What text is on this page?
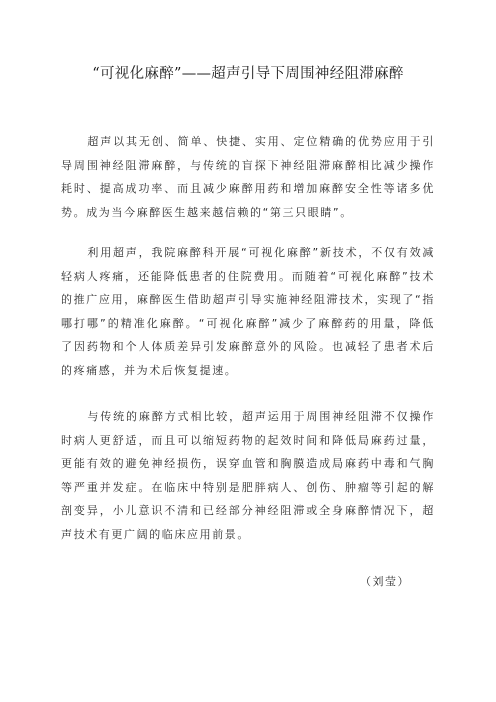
“可视化麻醉”——超声引导下周围神经阻滞麻醉

超声以其无创、简单、快捷、实用、定位精确的优势应用于引导周围神经阻滞麻醉，与传统的盲探下神经阻滞麻醉相比减少操作耗时、提高成功率、而且减少麻醉用药和增加麻醉安全性等诸多优势。成为当今麻醉医生越来越信赖的“第三只眼睛”。

利用超声，我院麻醉科开展“可视化麻醉”新技术，不仅有效减轻病人疼痛，还能降低患者的住院费用。而随着“可视化麻醉”技术的推广应用，麻醉医生借助超声引导实施神经阻滞技术，实现了“指哪打哪”的精准化麻醉。“可视化麻醉”减少了麻醉药的用量，降低了因药物和个人体质差异引发麻醉意外的风险。也减轻了患者术后的疼痛感，并为术后恢复提速。

与传统的麻醉方式相比较，超声运用于周围神经阻滞不仅操作时病人更舒适，而且可以缩短药物的起效时间和降低局麻药过量，更能有效的避免神经损伤，误穿血管和胸膜造成局麻药中毒和气胸等严重并发症。在临床中特别是肥胖病人、创伤、肿瘤等引起的解剖变异，小儿意识不清和已经部分神经阻滞或全身麻醉情况下，超声技术有更广阔的临床应用前景。

（刘莹）
